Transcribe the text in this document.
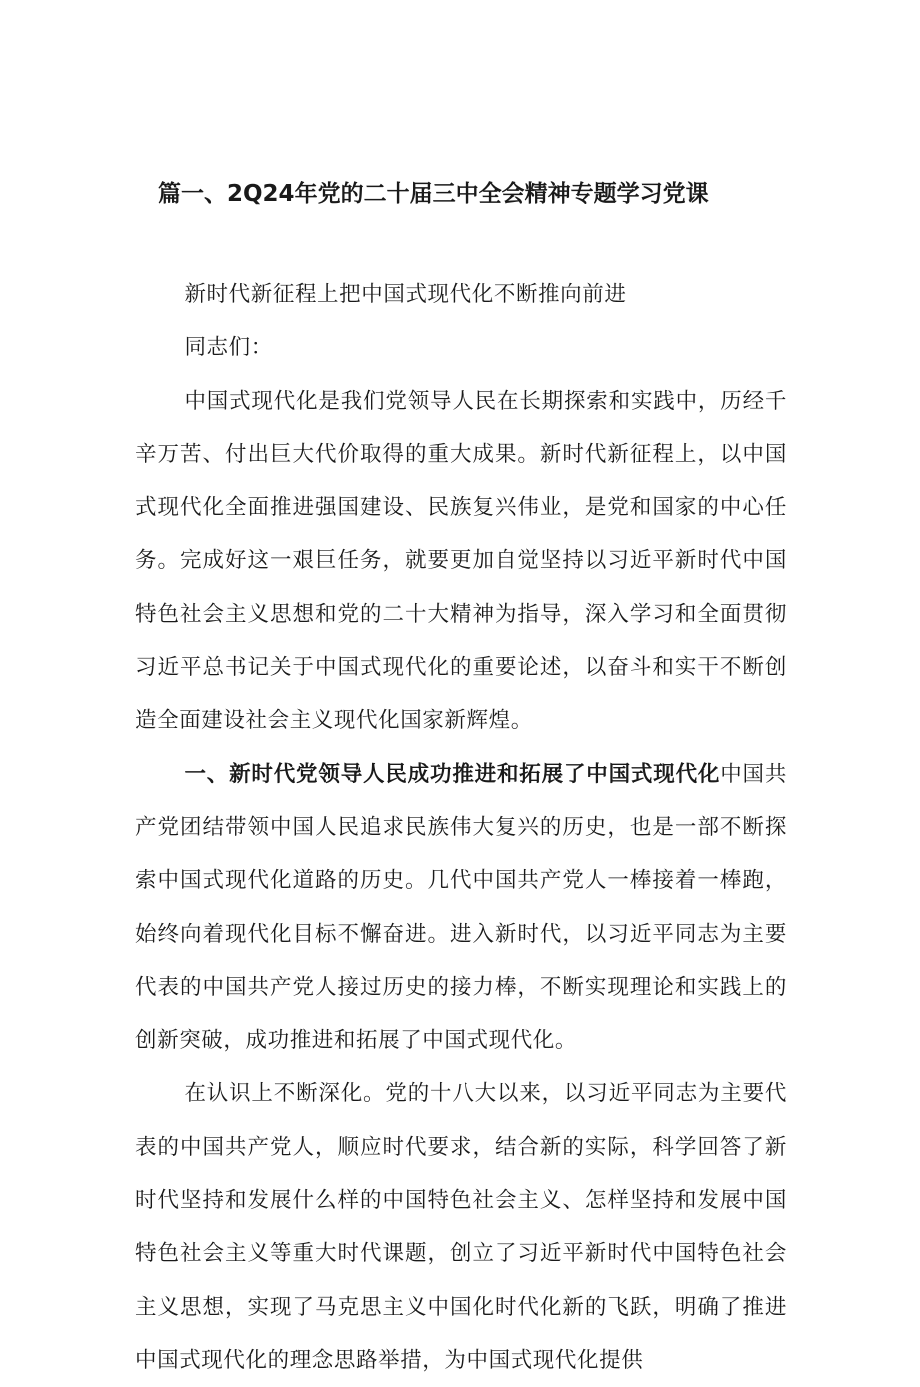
篇一、2Q24年党的二十届三中全会精神专题学习党课

新时代新征程上把中国式现代化不断推向前进

同志们：

中国式现代化是我们党领导人民在长期探索和实践中，历经千辛万苦、付出巨大代价取得的重大成果。新时代新征程上，以中国式现代化全面推进强国建设、民族复兴伟业，是党和国家的中心任务。完成好这一艰巨任务，就要更加自觉坚持以习近平新时代中国特色社会主义思想和党的二十大精神为指导，深入学习和全面贯彻习近平总书记关于中国式现代化的重要论述，以奋斗和实干不断创造全面建设社会主义现代化国家新辉煌。

一、新时代党领导人民成功推进和拓展了中国式现代化中国共产党团结带领中国人民追求民族伟大复兴的历史，也是一部不断探索中国式现代化道路的历史。几代中国共产党人一棒接着一棒跑，始终向着现代化目标不懈奋进。进入新时代，以习近平同志为主要代表的中国共产党人接过历史的接力棒，不断实现理论和实践上的创新突破，成功推进和拓展了中国式现代化。

在认识上不断深化。党的十八大以来，以习近平同志为主要代表的中国共产党人，顺应时代要求，结合新的实际，科学回答了新时代坚持和发展什么样的中国特色社会主义、怎样坚持和发展中国特色社会主义等重大时代课题，创立了习近平新时代中国特色社会主义思想，实现了马克思主义中国化时代化新的飞跃，明确了推进中国式现代化的理念思路举措，为中国式现代化提供
